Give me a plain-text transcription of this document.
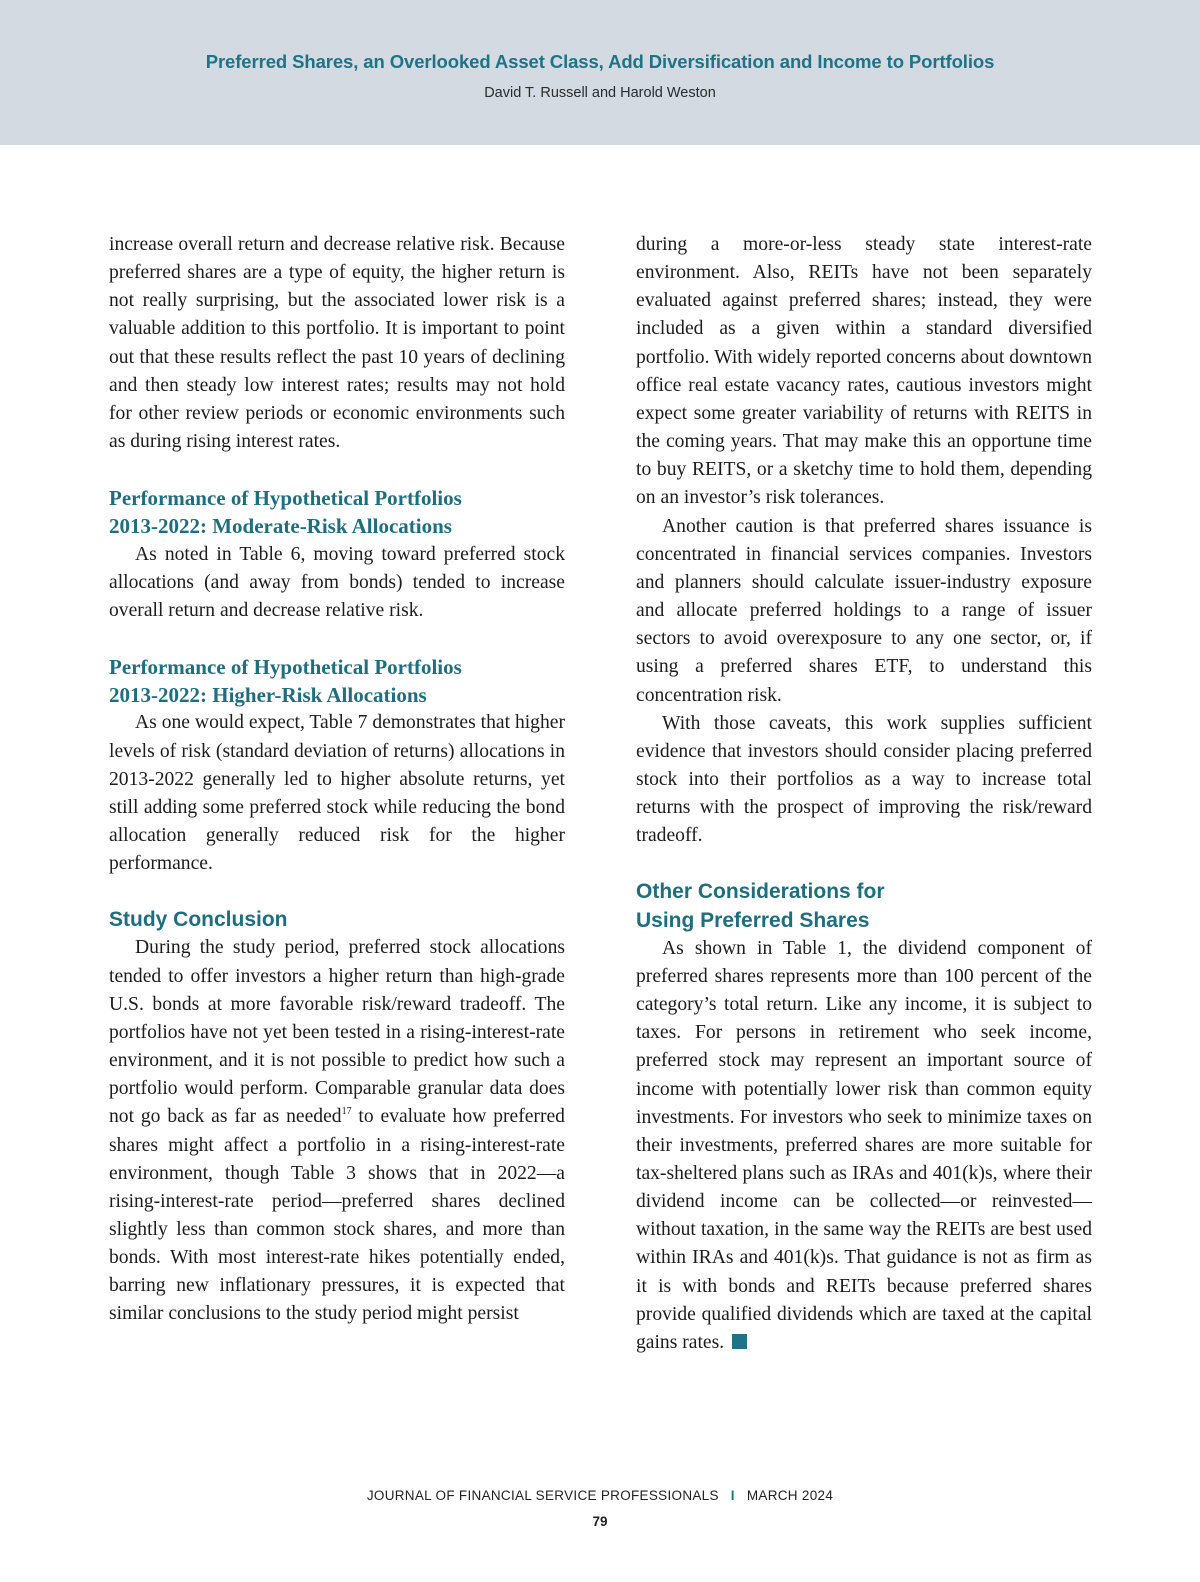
Preferred Shares, an Overlooked Asset Class, Add Diversification and Income to Portfolios
David T. Russell and Harold Weston

increase overall return and decrease relative risk. Because preferred shares are a type of equity, the higher return is not really surprising, but the associated lower risk is a valuable addition to this portfolio. It is important to point out that these results reflect the past 10 years of declining and then steady low interest rates; results may not hold for other review periods or economic environments such as during rising interest rates.

Performance of Hypothetical Portfolios
2013-2022: Moderate-Risk Allocations

As noted in Table 6, moving toward preferred stock allocations (and away from bonds) tended to increase overall return and decrease relative risk.

Performance of Hypothetical Portfolios
2013-2022: Higher-Risk Allocations

As one would expect, Table 7 demonstrates that higher levels of risk (standard deviation of returns) allocations in 2013-2022 generally led to higher absolute returns, yet still adding some preferred stock while reducing the bond allocation generally reduced risk for the higher performance.

Study Conclusion

During the study period, preferred stock allocations tended to offer investors a higher return than high-grade U.S. bonds at more favorable risk/reward tradeoff. The portfolios have not yet been tested in a rising-interest-rate environment, and it is not possible to predict how such a portfolio would perform. Comparable granular data does not go back as far as needed$^{17}$ to evaluate how preferred shares might affect a portfolio in a rising-interest-rate environment, though Table 3 shows that in 2022—a rising-interest-rate period—preferred shares declined slightly less than common stock shares, and more than bonds. With most interest-rate hikes potentially ended, barring new inflationary pressures, it is expected that similar conclusions to the study period might persist

during a more-or-less steady state interest-rate environment. Also, REITs have not been separately evaluated against preferred shares; instead, they were included as a given within a standard diversified portfolio. With widely reported concerns about downtown office real estate vacancy rates, cautious investors might expect some greater variability of returns with REITS in the coming years. That may make this an opportune time to buy REITS, or a sketchy time to hold them, depending on an investor’s risk tolerances.

Another caution is that preferred shares issuance is concentrated in financial services companies. Investors and planners should calculate issuer-industry exposure and allocate preferred holdings to a range of issuer sectors to avoid overexposure to any one sector, or, if using a preferred shares ETF, to understand this concentration risk.

With those caveats, this work supplies sufficient evidence that investors should consider placing preferred stock into their portfolios as a way to increase total returns with the prospect of improving the risk/reward tradeoff.

Other Considerations for
Using Preferred Shares

As shown in Table 1, the dividend component of preferred shares represents more than 100 percent of the category’s total return. Like any income, it is subject to taxes. For persons in retirement who seek income, preferred stock may represent an important source of income with potentially lower risk than common equity investments. For investors who seek to minimize taxes on their investments, preferred shares are more suitable for tax-sheltered plans such as IRAs and 401(k)s, where their dividend income can be collected—or reinvested—without taxation, in the same way the REITs are best used within IRAs and 401(k)s. That guidance is not as firm as it is with bonds and REITs because preferred shares provide qualified dividends which are taxed at the capital gains rates.

JOURNAL OF FINANCIAL SERVICE PROFESSIONALS I MARCH 2024
79
